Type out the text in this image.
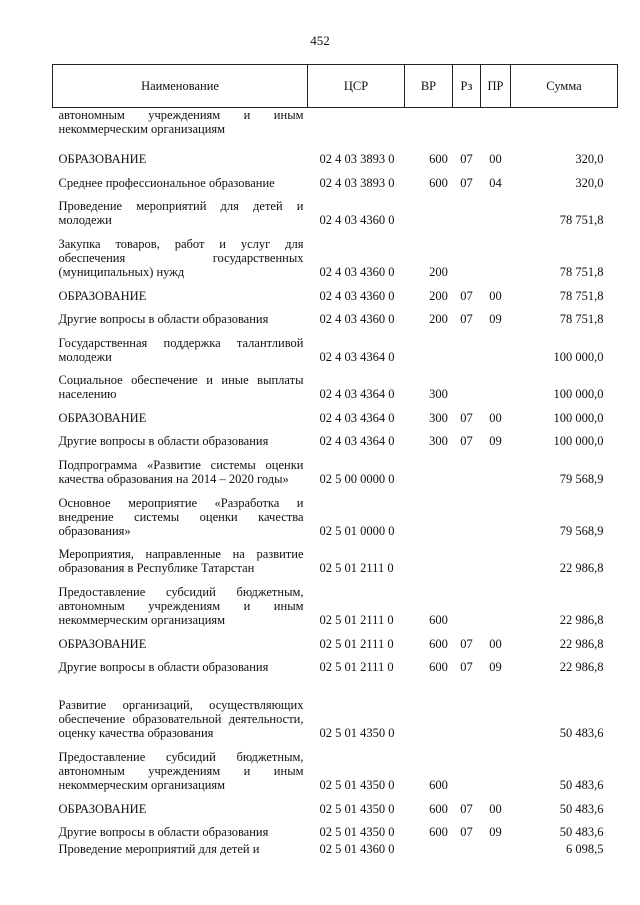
452
Наименование	ЦСР	ВР	Рз	ПР	Сумма
автономным учреждениям и иным некоммерческим организациям					
ОБРАЗОВАНИЕ	02 4 03 3893 0	600	07	00	320,0
Среднее профессиональное образование	02 4 03 3893 0	600	07	04	320,0
Проведение мероприятий для детей и молодежи	02 4 03 4360 0				78 751,8
Закупка товаров, работ и услуг для обеспечения государственных (муниципальных) нужд	02 4 03 4360 0	200			78 751,8
ОБРАЗОВАНИЕ	02 4 03 4360 0	200	07	00	78 751,8
Другие вопросы в области образования	02 4 03 4360 0	200	07	09	78 751,8
Государственная поддержка талантливой молодежи	02 4 03 4364 0				100 000,0
Социальное обеспечение и иные выплаты населению	02 4 03 4364 0	300			100 000,0
ОБРАЗОВАНИЕ	02 4 03 4364 0	300	07	00	100 000,0
Другие вопросы в области образования	02 4 03 4364 0	300	07	09	100 000,0
Подпрограмма «Развитие системы оценки качества образования на 2014 – 2020 годы»	02 5 00 0000 0				79 568,9
Основное мероприятие «Разработка и внедрение системы оценки качества образования»	02 5 01 0000 0				79 568,9
Мероприятия, направленные на развитие образования в Республике Татарстан	02 5 01 2111 0				22 986,8
Предоставление субсидий бюджетным, автономным учреждениям и иным некоммерческим организациям	02 5 01 2111 0	600			22 986,8
ОБРАЗОВАНИЕ	02 5 01 2111 0	600	07	00	22 986,8
Другие вопросы в области образования	02 5 01 2111 0	600	07	09	22 986,8
Развитие организаций, осуществляющих обеспечение образовательной деятельности, оценку качества образования	02 5 01 4350 0				50 483,6
Предоставление субсидий бюджетным, автономным учреждениям и иным некоммерческим организациям	02 5 01 4350 0	600			50 483,6
ОБРАЗОВАНИЕ	02 5 01 4350 0	600	07	00	50 483,6
Другие вопросы в области образования	02 5 01 4350 0	600	07	09	50 483,6
Проведение мероприятий для детей и	02 5 01 4360 0				6 098,5
